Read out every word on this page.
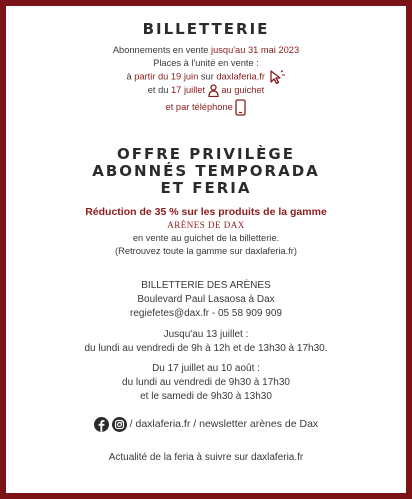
BILLETTERIE
Abonnements en vente jusqu'au 31 mai 2023
Places à l'unité en vente :
à partir du 19 juin sur daxlaferia.fr
et du 17 juillet  au guichet
et par téléphone
OFFRE PRIVILÈGE
ABONNÉS TEMPORADA
ET FERIA
Réduction de 35 % sur les produits de la gamme
ARÈNES DE DAX
en vente au guichet de la billetterie.
(Retrouvez toute la gamme sur daxlaferia.fr)
BILLETTERIE DES ARÈNES
Boulevard Paul Lasaosa à Dax
regiefetes@dax.fr - 05 58 909 909
Jusqu'au 13 juillet :
du lundi au vendredi de 9h à 12h et de 13h30 à 17h30.
Du 17 juillet au 10 août :
du lundi au vendredi de 9h30 à 17h30
et le samedi de 9h30 à 13h30
/ daxlaferia.fr / newsletter arènes de Dax
Actualité de la feria à suivre sur daxlaferia.fr
